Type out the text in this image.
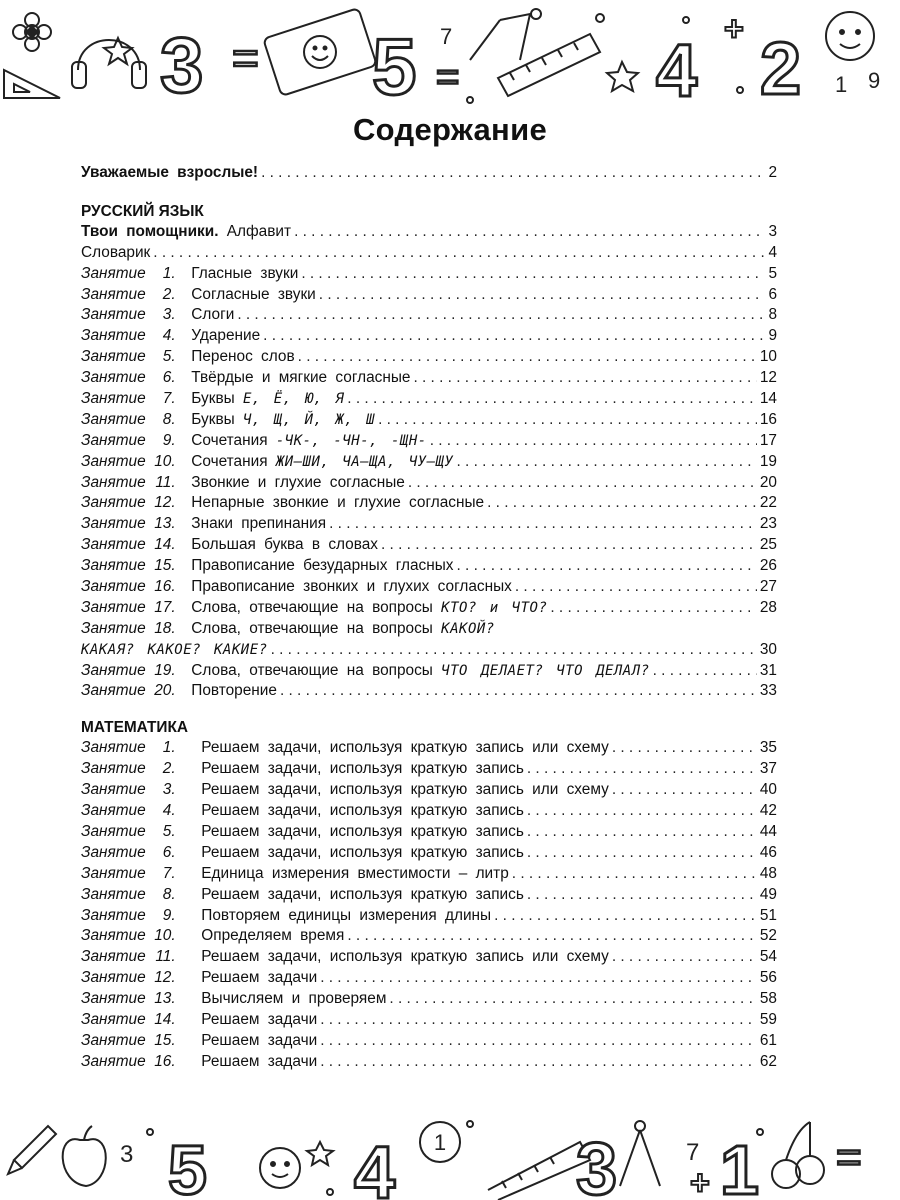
3 = 5 =
7	4 2 1 9
+
Содержание
Уважаемые взрослые! . . .	2
РУССКИЙ ЯЗЫК
Твои помощники. Алфавит . . .	3
Словарик . . .	4
Занятие 1. Гласные звуки . . .	5
Занятие 2. Согласные звуки . . .	6
Занятие 3. Слоги . . .	8
Занятие 4. Ударение . . .	9
Занятие 5. Перенос слов . . .	10
Занятие 6. Твёрдые и мягкие согласные . . .	12
Занятие 7. Буквы Е, Ё, Ю, Я . . .	14
Занятие 8. Буквы Ч, Щ, Й, Ж, Ш . . .	16
Занятие 9. Сочетания -ЧК-, -ЧН-, -ЩН- . . .	17
Занятие 10. Сочетания ЖИ–ШИ, ЧА–ЩА, ЧУ–ЩУ . . .	19
Занятие 11. Звонкие и глухие согласные . . .	20
Занятие 12. Непарные звонкие и глухие согласные . . .	22
Занятие 13. Знаки препинания . . .	23
Занятие 14. Большая буква в словах . . .	25
Занятие 15. Правописание безударных гласных . . .	26
Занятие 16. Правописание звонких и глухих согласных . . .	27
Занятие 17. Слова, отвечающие на вопросы КТО? и ЧТО? . . .	28
Занятие 18. Слова, отвечающие на вопросы КАКОЙ?
КАКАЯ? КАКОЕ? КАКИЕ? . . .	30
Занятие 19. Слова, отвечающие на вопросы ЧТО ДЕЛАЕТ? ЧТО ДЕЛАЛ? . . .	31
Занятие 20. Повторение . . .	33
МАТЕМАТИКА
Занятие 1. Решаем задачи, используя краткую запись или схему . . .	35
Занятие 2. Решаем задачи, используя краткую запись . . .	37
Занятие 3. Решаем задачи, используя краткую запись или схему . . .	40
Занятие 4. Решаем задачи, используя краткую запись . . .	42
Занятие 5. Решаем задачи, используя краткую запись . . .	44
Занятие 6. Решаем задачи, используя краткую запись . . .	46
Занятие 7. Единица измерения вместимости – литр . . .	48
Занятие 8. Решаем задачи, используя краткую запись . . .	49
Занятие 9. Повторяем единицы измерения длины . . .	51
Занятие 10. Определяем время . . .	52
Занятие 11. Решаем задачи, используя краткую запись или схему . . .	54
Занятие 12. Решаем задачи . . .	56
Занятие 13. Вычисляем и проверяем . . .	58
Занятие 14. Решаем задачи . . .	59
Занятие 15. Решаем задачи . . .	61
Занятие 16. Решаем задачи . . .	62
3 5 4 1 3	7 1
+
=
